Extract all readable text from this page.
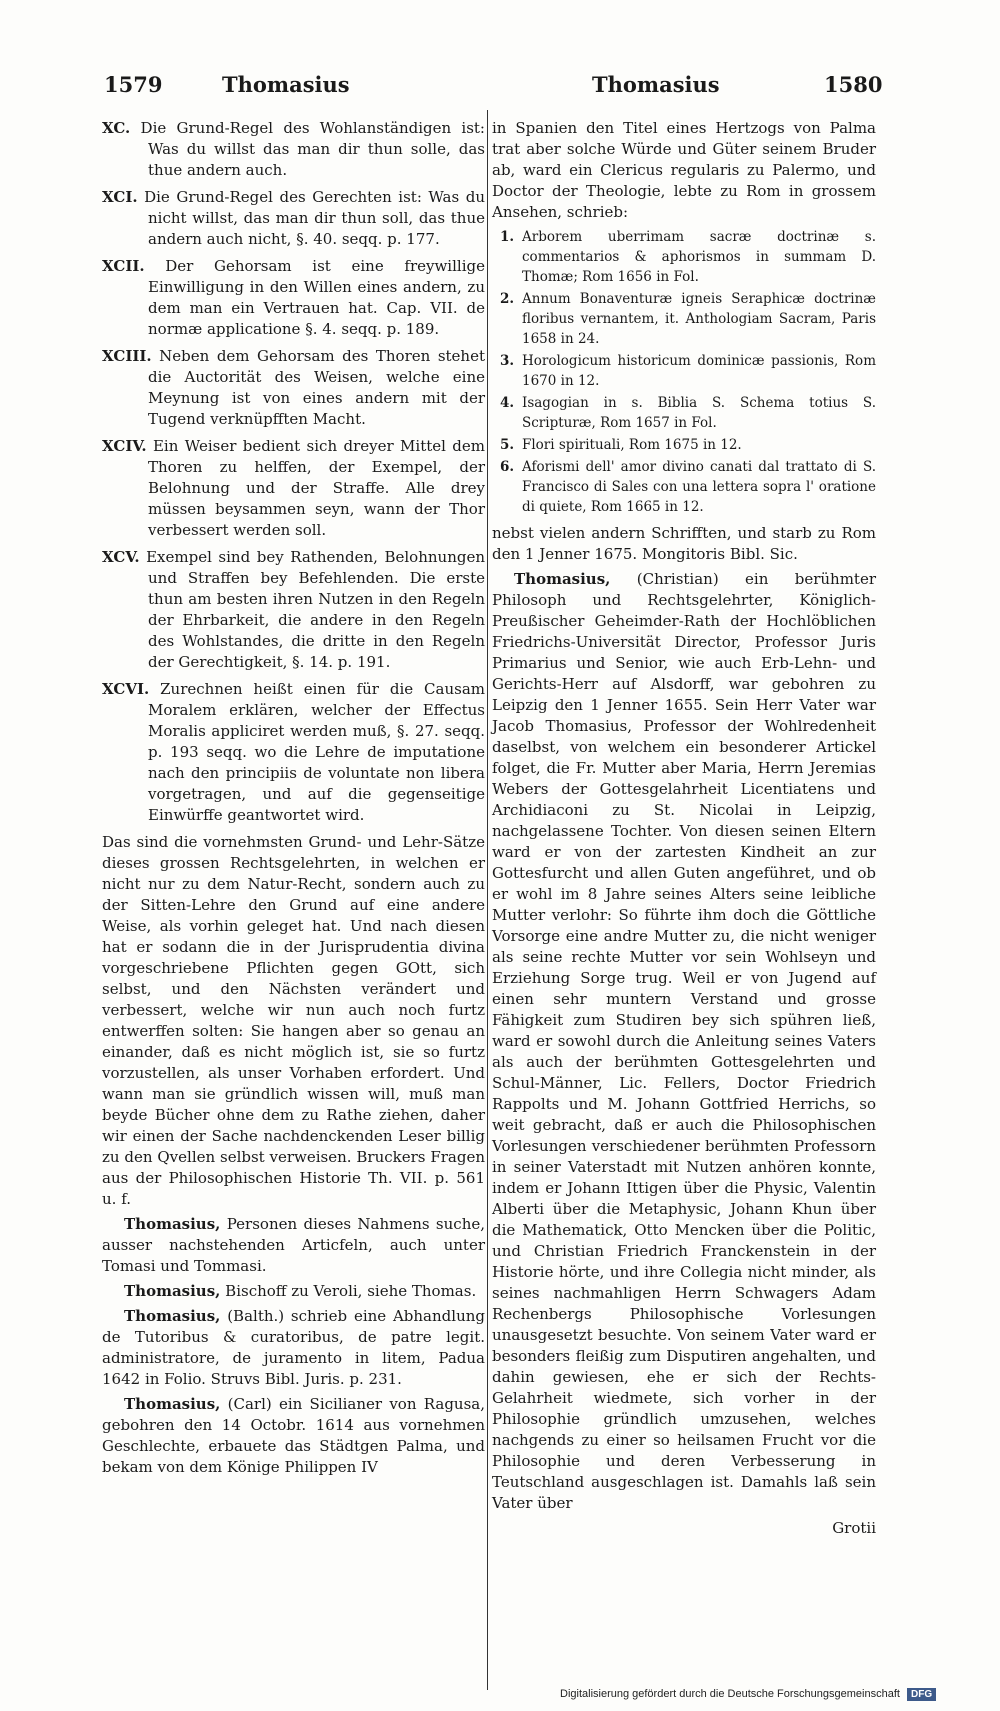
1579	Thomasius	Thomasius	1580
XC. Die Grund-Regel des Wohlanständigen ist: Was du willst das man dir thun solle, das thue andern auch.
XCI. Die Grund-Regel des Gerechten ist: Was du nicht willst, das man dir thun soll, das thue andern auch nicht, §. 40. seqq. p. 177.
XCII. Der Gehorsam ist eine freywillige Einwilligung in den Willen eines andern, zu dem man ein Vertrauen hat. Cap. VII. de normæ applicatione §. 4. seqq. p. 189.
XCIII. Neben dem Gehorsam des Thoren stehet die Auctorität des Weisen, welche eine Meynung ist von eines andern mit der Tugend verknüpfften Macht.
XCIV. Ein Weiser bedient sich dreyer Mittel dem Thoren zu helffen, der Exempel, der Belohnung und der Straffe. Alle drey müssen beysammen seyn, wann der Thor verbessert werden soll.
XCV. Exempel sind bey Rathenden, Belohnungen und Straffen bey Befehlenden. Die erste thun am besten ihren Nutzen in den Regeln der Ehrbarkeit, die andere in den Regeln des Wohlstandes, die dritte in den Regeln der Gerechtigkeit, §. 14. p. 191.
XCVI. Zurechnen heißt einen für die Causam Moralem erklären, welcher der Effectus Moralis appliciret werden muß, §. 27. seqq. p. 193 seqq. wo die Lehre de imputatione nach den principiis de voluntate non libera vorgetragen, und auf die gegenseitige Einwürffe geantwortet wird.

Das sind die vornehmsten Grund- und Lehr-Sätze dieses grossen Rechtsgelehrten, in welchen er nicht nur zu dem Natur-Recht, sondern auch zu der Sitten-Lehre den Grund auf eine andere Weise, als vorhin geleget hat. Und nach diesen hat er sodann die in der Jurisprudentia divina vorgeschriebene Pflichten gegen GOtt, sich selbst, und den Nächsten verändert und verbessert, welche wir nun auch noch furtz entwerffen solten: Sie hangen aber so genau an einander, daß es nicht möglich ist, sie so furtz vorzustellen, als unser Vorhaben erfordert. Und wann man sie gründlich wissen will, muß man beyde Bücher ohne dem zu Rathe ziehen, daher wir einen der Sache nachdenckenden Leser billig zu den Qvellen selbst verweisen. Bruckers Fragen aus der Philosophischen Historie Th. VII. p. 561 u. f.

Thomasius, Personen dieses Nahmens suche, ausser nachstehenden Articfeln, auch unter Tomasi und Tommasi.

Thomasius, Bischoff zu Veroli, siehe Thomas.

Thomasius, (Balth.) schrieb eine Abhandlung de Tutoribus & curatoribus, de patre legit. administratore, de juramento in litem, Padua 1642 in Folio. Struvs Bibl. Juris. p. 231.

Thomasius, (Carl) ein Sicilianer von Ragusa, gebohren den 14 Octobr. 1614 aus vornehmen Geschlechte, erbauete das Städtgen Palma, und bekam von dem Könige Philippen IV

in Spanien den Titel eines Hertzogs von Palma trat aber solche Würde und Güter seinem Bruder ab, ward ein Clericus regularis zu Palermo, und Doctor der Theologie, lebte zu Rom in grossem Ansehen, schrieb:

1. Arborem uberrimam sacræ doctrinæ s. commentarios & aphorismos in summam D. Thomæ; Rom 1656 in Fol.
2. Annum Bonaventuræ igneis Seraphicæ doctrinæ floribus vernantem, it. Anthologiam Sacram, Paris 1658 in 24.
3. Horologicum historicum dominicæ passionis, Rom 1670 in 12.
4. Isagogian in s. Biblia S. Schema totius S. Scripturæ, Rom 1657 in Fol.
5. Flori spirituali, Rom 1675 in 12.
6. Aforismi dell' amor divino canati dal trattato di S. Francisco di Sales con una lettera sopra l' oratione di quiete, Rom 1665 in 12.

nebst vielen andern Schrifften, und starb zu Rom den 1 Jenner 1675. Mongitoris Bibl. Sic.

Thomasius, (Christian) ein berühmter Philosoph und Rechtsgelehrter, Königlich-Preußischer Geheimder-Rath der Hochlöblichen Friedrichs-Universität Director, Professor Juris Primarius und Senior, wie auch Erb-Lehn- und Gerichts-Herr auf Alsdorff, war gebohren zu Leipzig den 1 Jenner 1655. Sein Herr Vater war Jacob Thomasius, Professor der Wohlredenheit daselbst, von welchem ein besonderer Artickel folget, die Fr. Mutter aber Maria, Herrn Jeremias Webers der Gottesgelahrheit Licentiatens und Archidiaconi zu St. Nicolai in Leipzig, nachgelassene Tochter. Von diesen seinen Eltern ward er von der zartesten Kindheit an zur Gottesfurcht und allen Guten angeführet, und ob er wohl im 8 Jahre seines Alters seine leibliche Mutter verlohr: So führte ihm doch die Göttliche Vorsorge eine andre Mutter zu, die nicht weniger als seine rechte Mutter vor sein Wohlseyn und Erziehung Sorge trug. Weil er von Jugend auf einen sehr muntern Verstand und grosse Fähigkeit zum Studiren bey sich spühren ließ, ward er sowohl durch die Anleitung seines Vaters als auch der berühmten Gottesgelehrten und Schul-Männer, Lic. Fellers, Doctor Friedrich Rappolts und M. Johann Gottfried Herrichs, so weit gebracht, daß er auch die Philosophischen Vorlesungen verschiedener berühmten Professorn in seiner Vaterstadt mit Nutzen anhören konnte, indem er Johann Ittigen über die Physic, Valentin Alberti über die Metaphysic, Johann Khun über die Mathematick, Otto Mencken über die Politic, und Christian Friedrich Franckenstein in der Historie hörte, und ihre Collegia nicht minder, als seines nachmahligen Herrn Schwagers Adam Rechenbergs Philosophische Vorlesungen unausgesetzt besuchte. Von seinem Vater ward er besonders fleißig zum Disputiren angehalten, und dahin gewiesen, ehe er sich der Rechts-Gelahrheit wiedmete, sich vorher in der Philosophie gründlich umzusehen, welches nachgends zu einer so heilsamen Frucht vor die Philosophie und deren Verbesserung in Teutschland ausgeschlagen ist. Damahls laß sein Vater über

Grotii
Digitalisierung gefördert durch die Deutsche Forschungsgemeinschaft DFG
